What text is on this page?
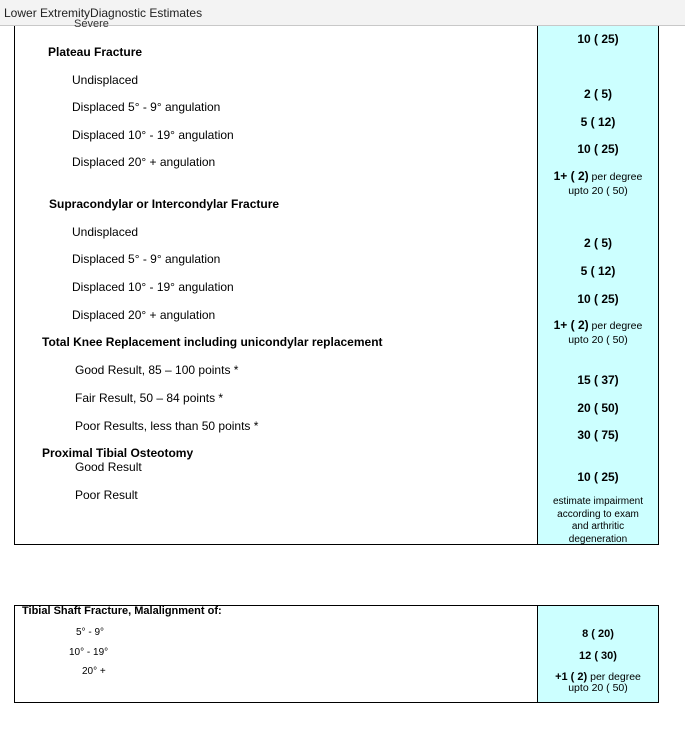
Lower ExtremityDiagnostic Estimates
Severe
10 ( 25)
Plateau Fracture
Undisplaced
Displaced 5° - 9° angulation
Displaced 10° - 19° angulation
Displaced 20° + angulation
2 ( 5)
5 ( 12)
10 ( 25)
1+ ( 2) per degree
upto 20 ( 50)
Supracondylar or Intercondylar Fracture
Undisplaced
Displaced 5° - 9° angulation
Displaced 10° - 19° angulation
Displaced 20° + angulation
2 ( 5)
5 ( 12)
10 ( 25)
1+ ( 2) per degree
upto 20 ( 50)
Total Knee Replacement including unicondylar replacement
Good Result, 85 – 100 points *
Fair Result, 50 – 84 points *
Poor Results, less than 50 points *
15 ( 37)
20 ( 50)
30 ( 75)
Proximal Tibial Osteotomy
Good Result
Poor Result
10 ( 25)
estimate impairment
according to exam
and arthritic
degeneration
Tibial Shaft Fracture, Malalignment of:
5° - 9°
10° - 19°
20° +
8 ( 20)
12 ( 30)
+1 ( 2) per degree
upto 20 ( 50)
